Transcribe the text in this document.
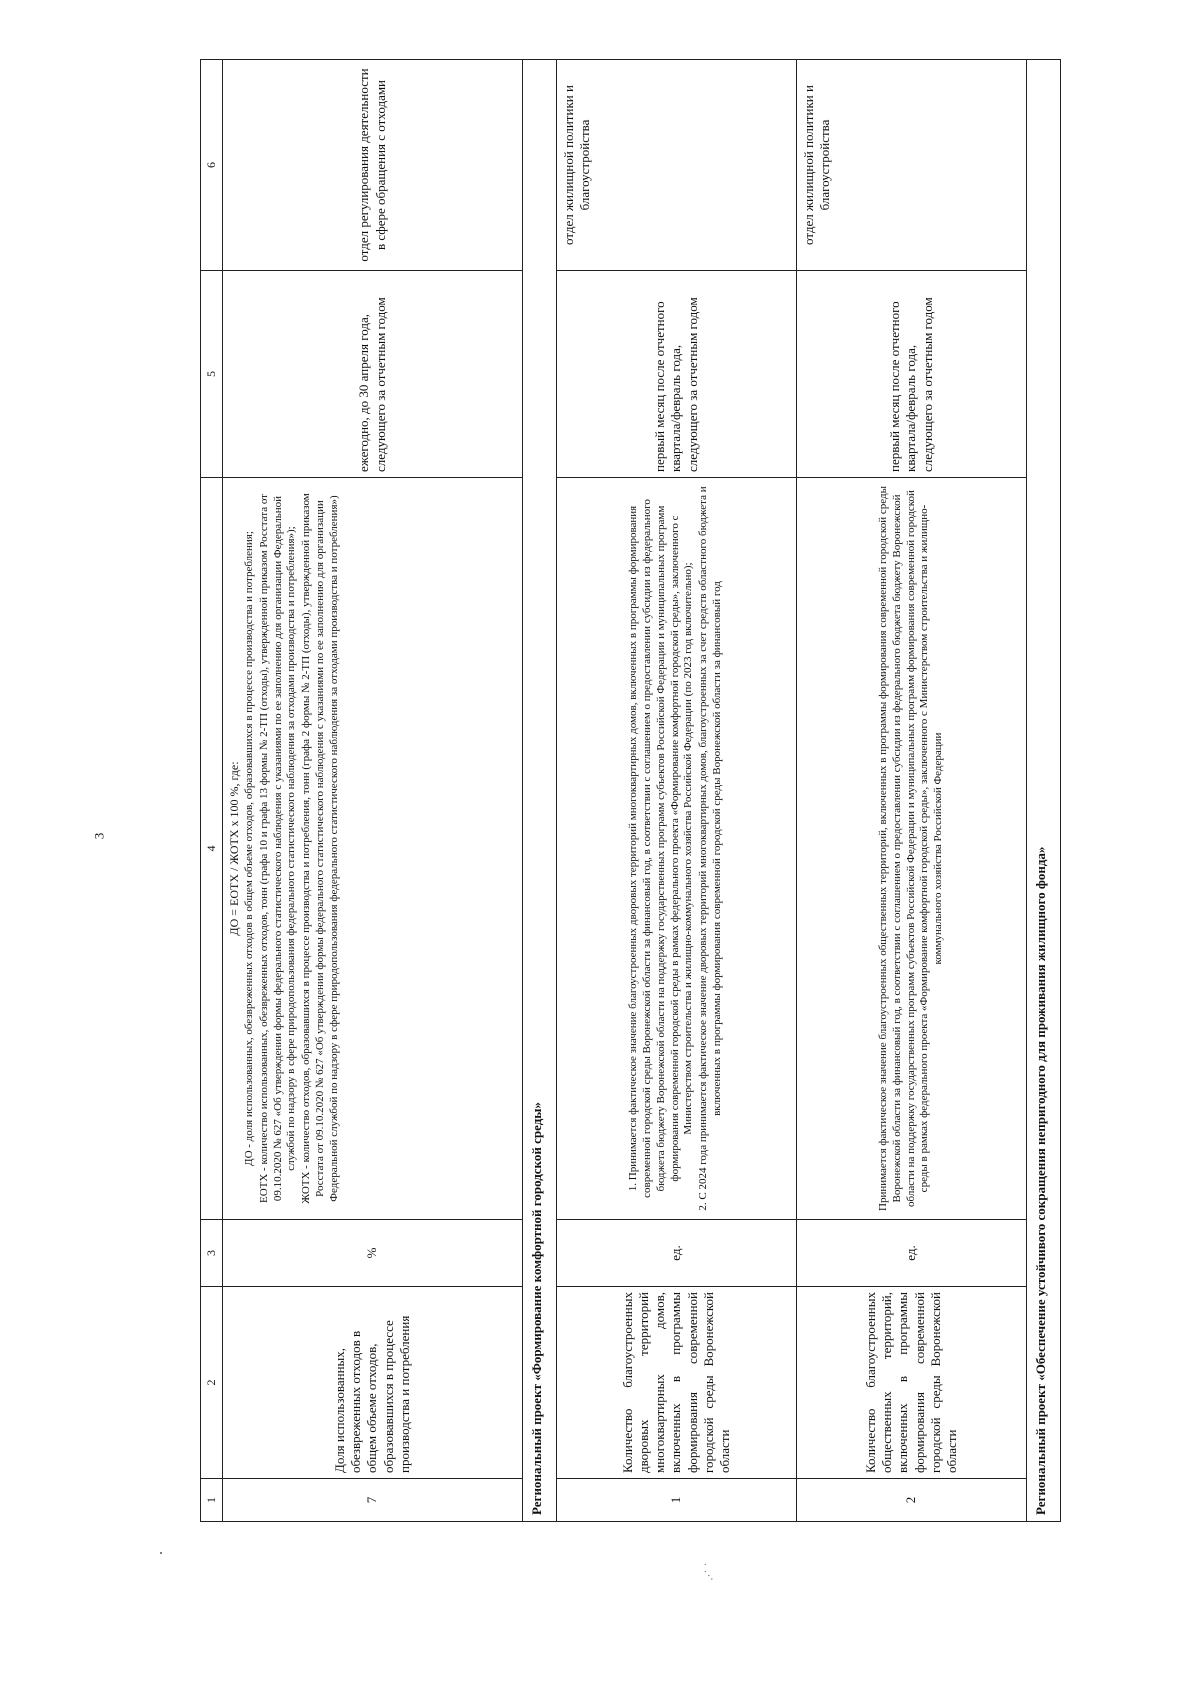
3
.·˙ ˙
1	2	3	4	5	6
7	Доля использованных, обезвреженных отходов в общем объеме отходов, образовавшихся в процессе производства и потребления	%	ДО = ЕОТХ / ЖОТХ х 100 %, где: ДО - доля использованных, обезвреженных отходов в общем объеме отходов, образовавшихся в процессе производства и потребления; ЕОТХ - количество использованных, обезвреженных отходов, тонн (графа 10 и графа 13 формы № 2-ТП (отходы), утвержденной приказом Росстата от 09.10.2020 № 627 «Об утверждении формы федерального статистического наблюдения с указаниями по ее заполнению для организации Федеральной службой по надзору в сфере природопользования федерального статистического наблюдения за отходами производства и потребления»); ЖОТХ - количество отходов, образовавшихся в процессе производства и потребления, тонн (графа 2 формы № 2-ТП (отходы), утвержденной приказом Росстата от 09.10.2020 № 627 «Об утверждении формы федерального статистического наблюдения с указаниями по ее заполнению для организации Федеральной службой по надзору в сфере природопользования федерального статистического наблюдения за отходами производства и потребления»)	ежегодно, до 30 апреля года, следующего за отчетным годом	отдел регулирования деятельности в сфере обращения с отходами
Региональный проект «Формирование комфортной городской среды»					
1	Количество благоустроенных дворовых территорий многоквартирных домов, включенных в программы формирования современной городской среды Воронежской области	ед.	1. Принимается фактическое значение благоустроенных дворовых территорий многоквартирных домов, включенных в программы формирования современной городской среды Воронежской области за финансовый год, в соответствии с соглашением о предоставлении субсидии из федерального бюджета бюджету Воронежской области на поддержку государственных программ субъектов Российской Федерации и муниципальных программ формирования современной городской среды в рамках федерального проекта «Формирование комфортной городской среды», заключенного с Министерством строительства и жилищно-коммунального хозяйства Российской Федерации (по 2023 год включительно); 2. С 2024 года принимается фактическое значение дворовых территорий многоквартирных домов, благоустроенных за счет средств областного бюджета и включенных в программы формирования современной городской среды Воронежской области за финансовый год	первый месяц после отчетного квартала/февраль года, следующего за отчетным годом	отдел жилищной политики и благоустройства
2	Количество благоустроенных общественных территорий, включенных в программы формирования современной городской среды Воронежской области	ед.	Принимается фактическое значение благоустроенных общественных территорий, включенных в программы формирования современной городской среды Воронежской области за финансовый год, в соответствии с соглашением о предоставлении субсидии из федерального бюджета бюджету Воронежской области на поддержку государственных программ субъектов Российской Федерации и муниципальных программ формирования современной городской среды в рамках федерального проекта «Формирование комфортной городской среды», заключенного с Министерством строительства и жилищно-коммунального хозяйства Российской Федерации	первый месяц после отчетного квартала/февраль года, следующего за отчетным годом	отдел жилищной политики и благоустройства
Региональный проект «Обеспечение устойчивого сокращения непригодного для проживания жилищного фонда»					
